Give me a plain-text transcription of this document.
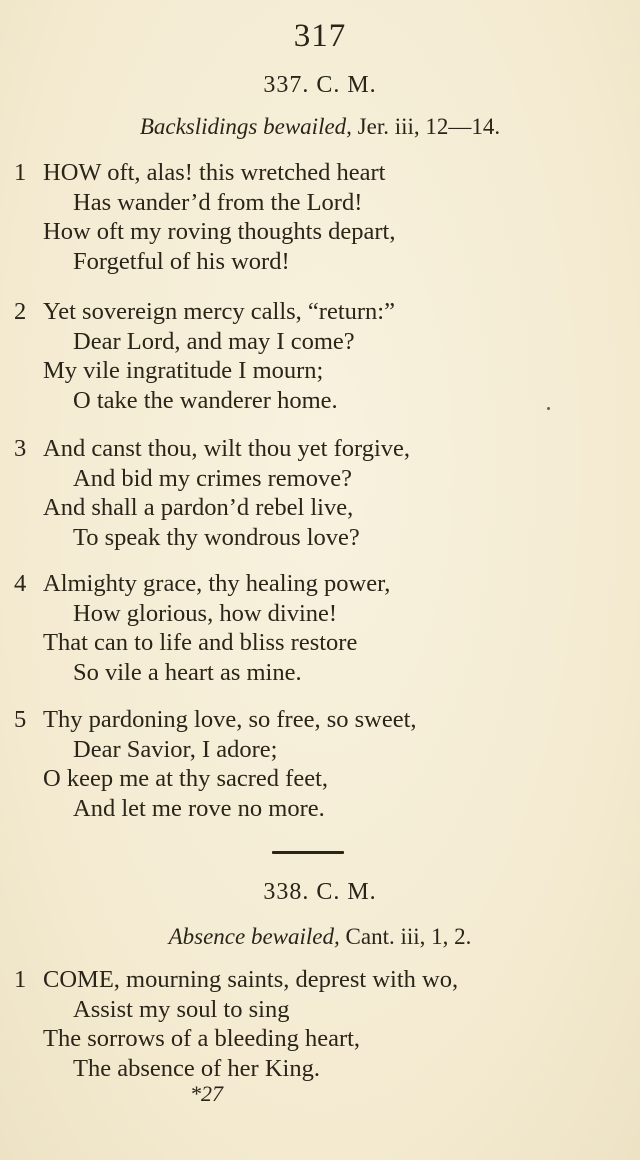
317
337. C. M.
Backslidings bewailed, Jer. iii, 12—14.
1 HOW oft, alas! this wretched heart
Has wander’d from the Lord!
How oft my roving thoughts depart,
Forgetful of his word!
2 Yet sovereign mercy calls, “return:”
Dear Lord, and may I come?
My vile ingratitude I mourn;
O take the wanderer home.
3 And canst thou, wilt thou yet forgive,
And bid my crimes remove?
And shall a pardon’d rebel live,
To speak thy wondrous love?
4 Almighty grace, thy healing power,
How glorious, how divine!
That can to life and bliss restore
So vile a heart as mine.
5 Thy pardoning love, so free, so sweet,
Dear Savior, I adore;
O keep me at thy sacred feet,
And let me rove no more.
338. C. M.
Absence bewailed, Cant. iii, 1, 2.
1 COME, mourning saints, deprest with wo,
Assist my soul to sing
The sorrows of a bleeding heart,
The absence of her King.
*27
